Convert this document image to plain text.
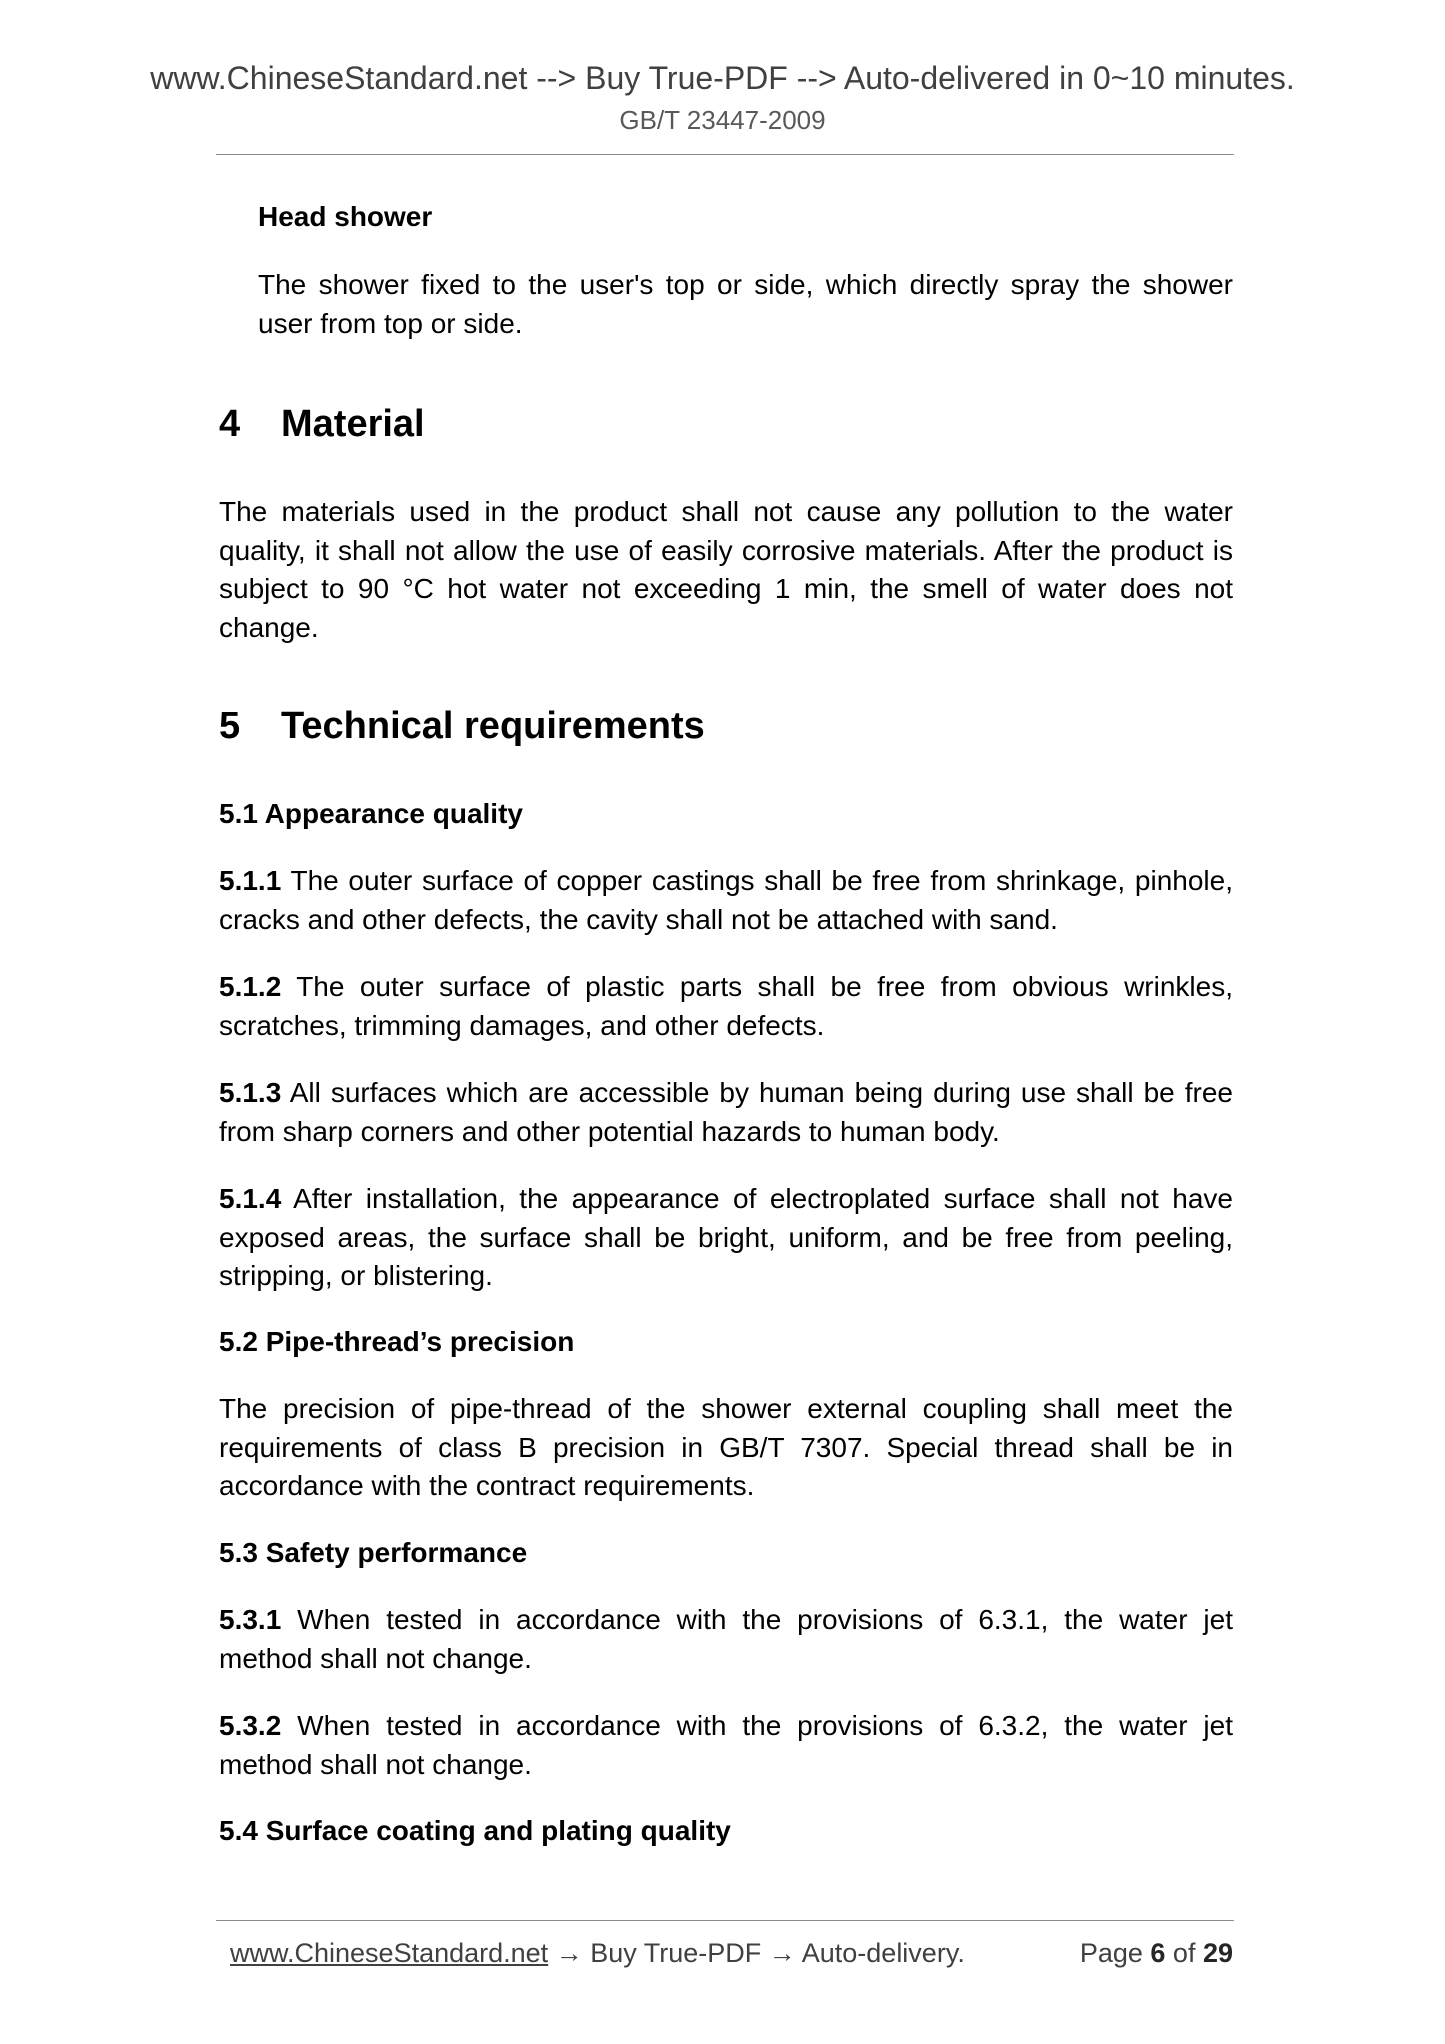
www.ChineseStandard.net --> Buy True-PDF --> Auto-delivered in 0~10 minutes.
GB/T 23447-2009

Head shower

The shower fixed to the user's top or side, which directly spray the shower user from top or side.

4 Material

The materials used in the product shall not cause any pollution to the water quality, it shall not allow the use of easily corrosive materials. After the product is subject to 90 °C hot water not exceeding 1 min, the smell of water does not change.

5 Technical requirements
5.1 Appearance quality

5.1.1 The outer surface of copper castings shall be free from shrinkage, pinhole, cracks and other defects, the cavity shall not be attached with sand.

5.1.2 The outer surface of plastic parts shall be free from obvious wrinkles, scratches, trimming damages, and other defects.

5.1.3 All surfaces which are accessible by human being during use shall be free from sharp corners and other potential hazards to human body.

5.1.4 After installation, the appearance of electroplated surface shall not have exposed areas, the surface shall be bright, uniform, and be free from peeling, stripping, or blistering.

5.2 Pipe-thread’s precision

The precision of pipe-thread of the shower external coupling shall meet the requirements of class B precision in GB/T 7307. Special thread shall be in accordance with the contract requirements.

5.3 Safety performance

5.3.1 When tested in accordance with the provisions of 6.3.1, the water jet method shall not change.

5.3.2 When tested in accordance with the provisions of 6.3.2, the water jet method shall not change.

5.4 Surface coating and plating quality
www.ChineseStandard.net → Buy True-PDF → Auto-delivery.	Page 6 of 29
